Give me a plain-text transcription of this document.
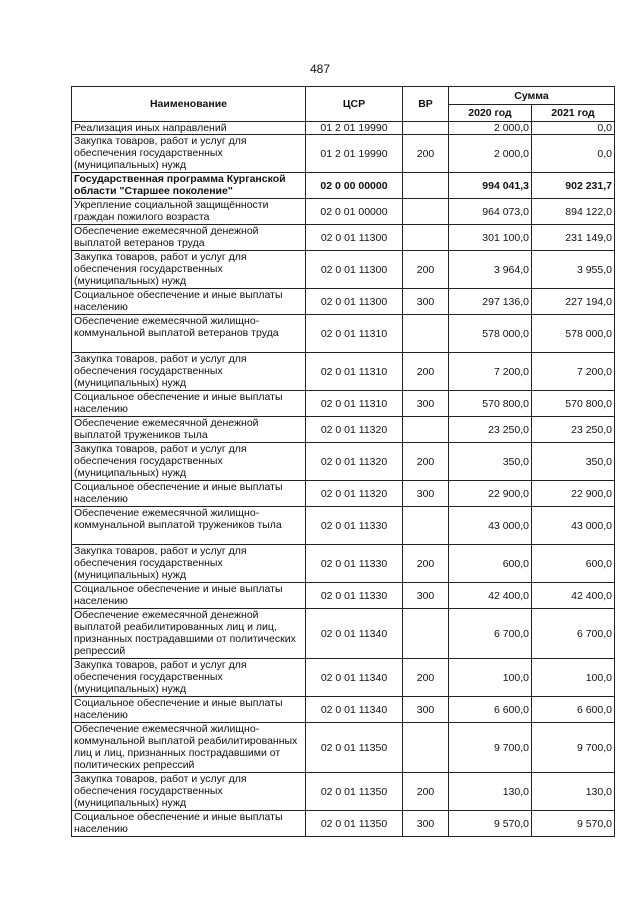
487
Наименование	ЦСР	ВР	Сумма	
			2020 год	2021 год
Реализация иных направлений	01 2 01 19990		2 000,0	0,0
Закупка товаров, работ и услуг для обеспечения государственных (муниципальных) нужд	01 2 01 19990	200	2 000,0	0,0
Государственная программа Курганской области "Старшее поколение"	02 0 00 00000		994 041,3	902 231,7
Укрепление социальной защищённости граждан пожилого возраста	02 0 01 00000		964 073,0	894 122,0
Обеспечение ежемесячной денежной выплатой ветеранов труда	02 0 01 11300		301 100,0	231 149,0
Закупка товаров, работ и услуг для обеспечения государственных (муниципальных) нужд	02 0 01 11300	200	3 964,0	3 955,0
Социальное обеспечение и иные выплаты населению	02 0 01 11300	300	297 136,0	227 194,0
Обеспечение ежемесячной жилищно-коммунальной выплатой ветеранов труда	02 0 01 11310		578 000,0	578 000,0
Закупка товаров, работ и услуг для обеспечения государственных (муниципальных) нужд	02 0 01 11310	200	7 200,0	7 200,0
Социальное обеспечение и иные выплаты населению	02 0 01 11310	300	570 800,0	570 800,0
Обеспечение ежемесячной денежной выплатой тружеников тыла	02 0 01 11320		23 250,0	23 250,0
Закупка товаров, работ и услуг для обеспечения государственных (муниципальных) нужд	02 0 01 11320	200	350,0	350,0
Социальное обеспечение и иные выплаты населению	02 0 01 11320	300	22 900,0	22 900,0
Обеспечение ежемесячной жилищно-коммунальной выплатой тружеников тыла	02 0 01 11330		43 000,0	43 000,0
Закупка товаров, работ и услуг для обеспечения государственных (муниципальных) нужд	02 0 01 11330	200	600,0	600,0
Социальное обеспечение и иные выплаты населению	02 0 01 11330	300	42 400,0	42 400,0
Обеспечение ежемесячной денежной выплатой реабилитированных лиц и лиц, признанных пострадавшими от политических репрессий	02 0 01 11340		6 700,0	6 700,0
Закупка товаров, работ и услуг для обеспечения государственных (муниципальных) нужд	02 0 01 11340	200	100,0	100,0
Социальное обеспечение и иные выплаты населению	02 0 01 11340	300	6 600,0	6 600,0
Обеспечение ежемесячной жилищно-коммунальной выплатой реабилитированных лиц и лиц, признанных пострадавшими от политических репрессий	02 0 01 11350		9 700,0	9 700,0
Закупка товаров, работ и услуг для обеспечения государственных (муниципальных) нужд	02 0 01 11350	200	130,0	130,0
Социальное обеспечение и иные выплаты населению	02 0 01 11350	300	9 570,0	9 570,0
